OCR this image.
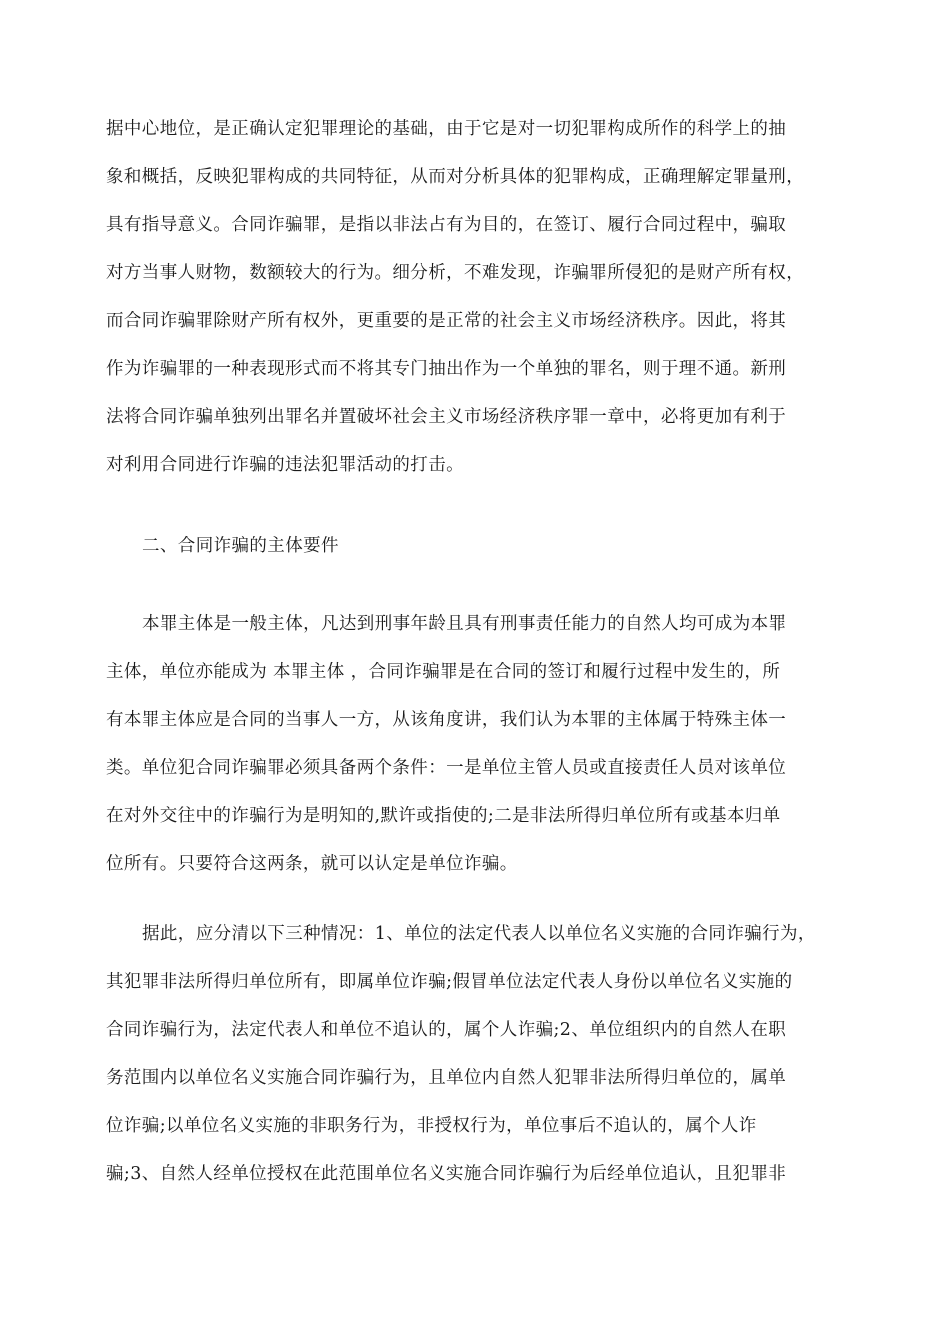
据中心地位，是正确认定犯罪理论的基础，由于它是对一切犯罪构成所作的科学上的抽
象和概括，反映犯罪构成的共同特征，从而对分析具体的犯罪构成，正确理解定罪量刑，
具有指导意义。合同诈骗罪，是指以非法占有为目的，在签订、履行合同过程中，骗取
对方当事人财物，数额较大的行为。细分析，不难发现，诈骗罪所侵犯的是财产所有权，
而合同诈骗罪除财产所有权外，更重要的是正常的社会主义市场经济秩序。因此，将其
作为诈骗罪的一种表现形式而不将其专门抽出作为一个单独的罪名，则于理不通。新刑
法将合同诈骗单独列出罪名并置破坏社会主义市场经济秩序罪一章中，必将更加有利于
对利用合同进行诈骗的违法犯罪活动的打击。
二、合同诈骗的主体要件
本罪主体是一般主体，凡达到刑事年龄且具有刑事责任能力的自然人均可成为本罪
主体，单位亦能成为 本罪主体 ，合同诈骗罪是在合同的签订和履行过程中发生的，所
有本罪主体应是合同的当事人一方，从该角度讲，我们认为本罪的主体属于特殊主体一
类。单位犯合同诈骗罪必须具备两个条件：一是单位主管人员或直接责任人员对该单位
在对外交往中的诈骗行为是明知的,默许或指使的;二是非法所得归单位所有或基本归单
位所有。只要符合这两条，就可以认定是单位诈骗。
据此，应分清以下三种情况：1、单位的法定代表人以单位名义实施的合同诈骗行为，
其犯罪非法所得归单位所有，即属单位诈骗;假冒单位法定代表人身份以单位名义实施的
合同诈骗行为，法定代表人和单位不追认的，属个人诈骗;2、单位组织内的自然人在职
务范围内以单位名义实施合同诈骗行为，且单位内自然人犯罪非法所得归单位的，属单
位诈骗;以单位名义实施的非职务行为，非授权行为，单位事后不追认的，属个人诈
骗;3、自然人经单位授权在此范围单位名义实施合同诈骗行为后经单位追认，且犯罪非
